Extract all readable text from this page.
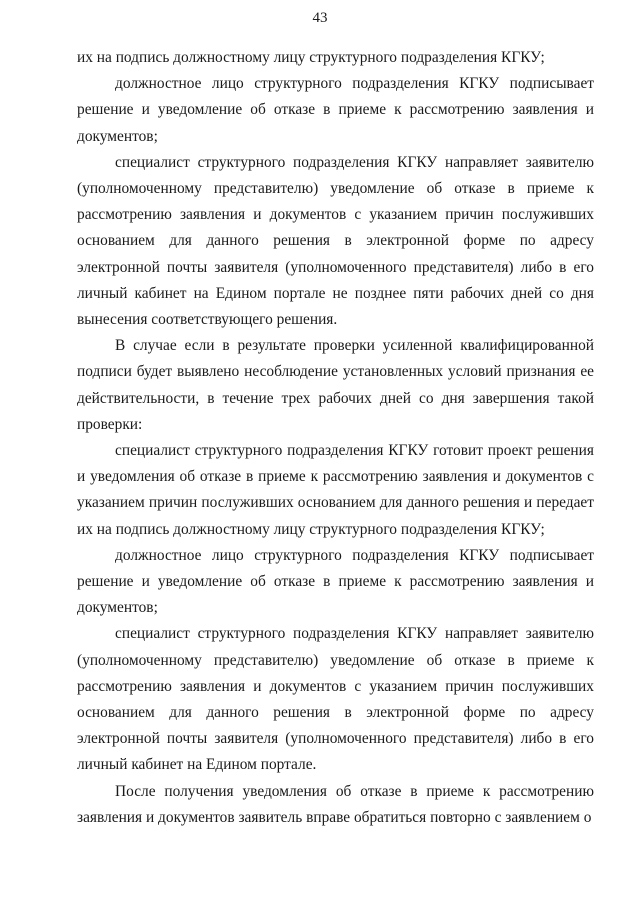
43

их на подпись должностному лицу структурного подразделения КГКУ;

должностное лицо структурного подразделения КГКУ подписывает решение и уведомление об отказе в приеме к рассмотрению заявления и документов;

специалист структурного подразделения КГКУ направляет заявителю (уполномоченному представителю) уведомление об отказе в приеме к рассмотрению заявления и документов с указанием причин послуживших основанием для данного решения в электронной форме по адресу электронной почты заявителя (уполномоченного представителя) либо в его личный кабинет на Едином портале не позднее пяти рабочих дней со дня вынесения соответствующего решения.

В случае если в результате проверки усиленной квалифицированной подписи будет выявлено несоблюдение установленных условий признания ее действительности, в течение трех рабочих дней со дня завершения такой проверки:

специалист структурного подразделения КГКУ готовит проект решения и уведомления об отказе в приеме к рассмотрению заявления и документов с указанием причин послуживших основанием для данного решения и передает их на подпись должностному лицу структурного подразделения КГКУ;

должностное лицо структурного подразделения КГКУ подписывает решение и уведомление об отказе в приеме к рассмотрению заявления и документов;

специалист структурного подразделения КГКУ направляет заявителю (уполномоченному представителю) уведомление об отказе в приеме к рассмотрению заявления и документов с указанием причин послуживших основанием для данного решения в электронной форме по адресу электронной почты заявителя (уполномоченного представителя) либо в его личный кабинет на Едином портале.

После получения уведомления об отказе в приеме к рассмотрению заявления и документов заявитель вправе обратиться повторно с заявлением о
